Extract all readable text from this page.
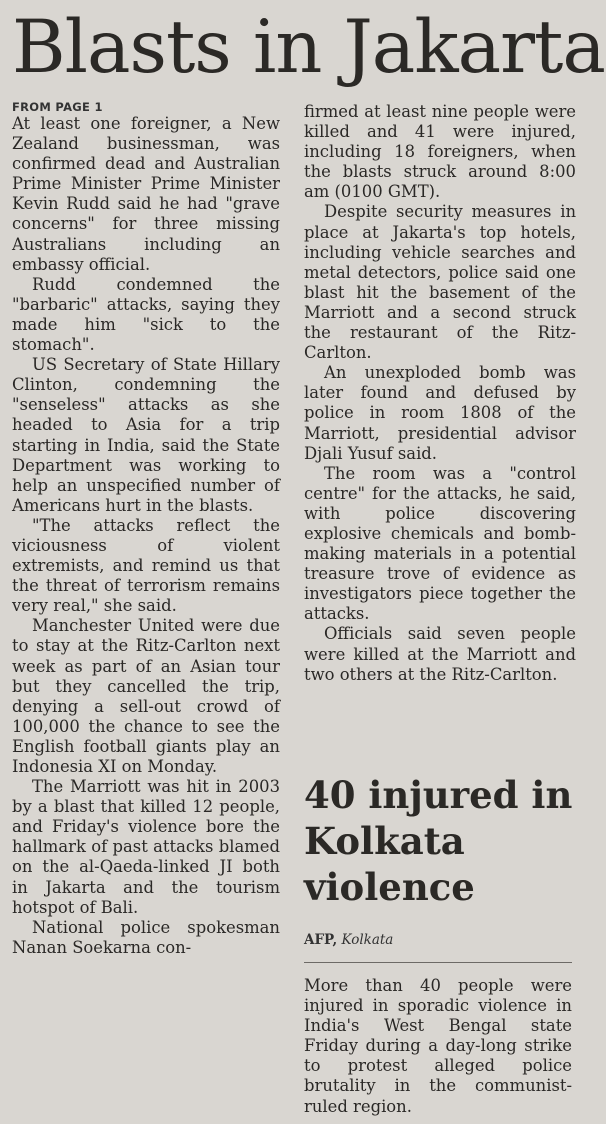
Blasts in Jakarta
FROM PAGE 1

At least one foreigner, a New Zealand businessman, was confirmed dead and Australian Prime Minister Prime Minister Kevin Rudd said he had "grave concerns" for three missing Australians including an embassy official.

Rudd condemned the "barbaric" attacks, saying they made him "sick to the stomach".

US Secretary of State Hillary Clinton, condemning the "senseless" attacks as she headed to Asia for a trip starting in India, said the State Department was working to help an unspecified number of Americans hurt in the blasts.

"The attacks reflect the viciousness of violent extremists, and remind us that the threat of terrorism remains very real," she said.

Manchester United were due to stay at the Ritz-Carlton next week as part of an Asian tour but they cancelled the trip, denying a sell-out crowd of 100,000 the chance to see the English football giants play an Indonesia XI on Monday.

The Marriott was hit in 2003 by a blast that killed 12 people, and Friday's violence bore the hallmark of past attacks blamed on the al-Qaeda-linked JI both in Jakarta and the tourism hotspot of Bali.

National police spokesman Nanan Soekarna con-

firmed at least nine people were killed and 41 were injured, including 18 foreigners, when the blasts struck around 8:00 am (0100 GMT).

Despite security measures in place at Jakarta's top hotels, including vehicle searches and metal detectors, police said one blast hit the basement of the Marriott and a second struck the restaurant of the Ritz-Carlton.

An unexploded bomb was later found and defused by police in room 1808 of the Marriott, presidential advisor Djali Yusuf said.

The room was a "control centre" for the attacks, he said, with police discovering explosive chemicals and bomb-making materials in a potential treasure trove of evidence as investigators piece together the attacks.

Officials said seven people were killed at the Marriott and two others at the Ritz-Carlton.

40 injured in Kolkata violence
AFP, Kolkata

More than 40 people were injured in sporadic violence in India's West Bengal state Friday during a day-long strike to protest alleged police brutality in the communist-ruled region.
